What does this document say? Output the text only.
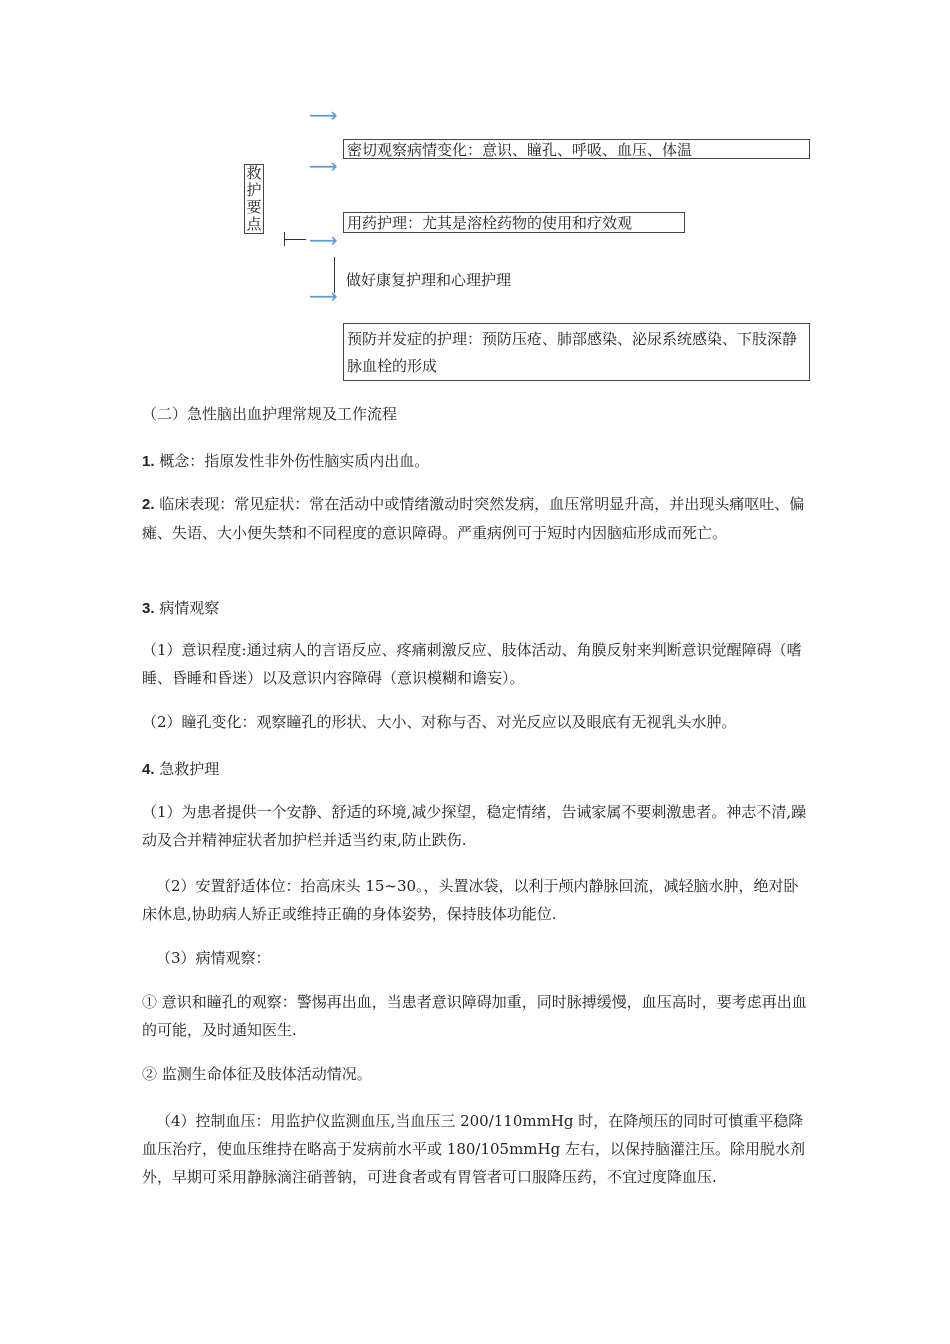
救护要点
⟶
⟶
⟶
⟶
密切观察病情变化：意识、瞳孔、呼吸、血压、体温
用药护理：尤其是溶栓药物的使用和疗效观
做好康复护理和心理护理
预防并发症的护理：预防压疮、肺部感染、泌尿系统感染、下肢深静脉血栓的形成
（二）急性脑出血护理常规及工作流程
1. 概念：指原发性非外伤性脑实质内出血。
2. 临床表现：常见症状：常在活动中或情绪激动时突然发病，血压常明显升高，并出现头痛呕吐、偏瘫、失语、大小便失禁和不同程度的意识障碍。严重病例可于短时内因脑疝形成而死亡。
3. 病情观察
（1）意识程度:通过病人的言语反应、疼痛刺激反应、肢体活动、角膜反射来判断意识觉醒障碍（嗜睡、昏睡和昏迷）以及意识内容障碍（意识模糊和谵妄）。
（2）瞳孔变化：观察瞳孔的形状、大小、对称与否、对光反应以及眼底有无视乳头水肿。
4. 急救护理
（1）为患者提供一个安静、舒适的环境,减少探望，稳定情绪，告诫家属不要刺激患者。神志不清,躁动及合并精神症状者加护栏并适当约束,防止跌伤.
（2）安置舒适体位：抬高床头 15~30。，头置冰袋，以利于颅内静脉回流，减轻脑水肿，绝对卧床休息,协助病人矫正或维持正确的身体姿势，保持肢体功能位.
（3）病情观察：
① 意识和瞳孔的观察：警惕再出血，当患者意识障碍加重，同时脉搏缓慢，血压高时，要考虑再出血的可能，及时通知医生.
② 监测生命体征及肢体活动情况。
（4）控制血压：用监护仪监测血压,当血压三 200/110mmHg 时，在降颅压的同时可慎重平稳降血压治疗，使血压维持在略高于发病前水平或 180/105mmHg 左右，以保持脑灌注压。除用脱水剂外，早期可采用静脉滴注硝普钠，可进食者或有胃管者可口服降压药，不宜过度降血压.
